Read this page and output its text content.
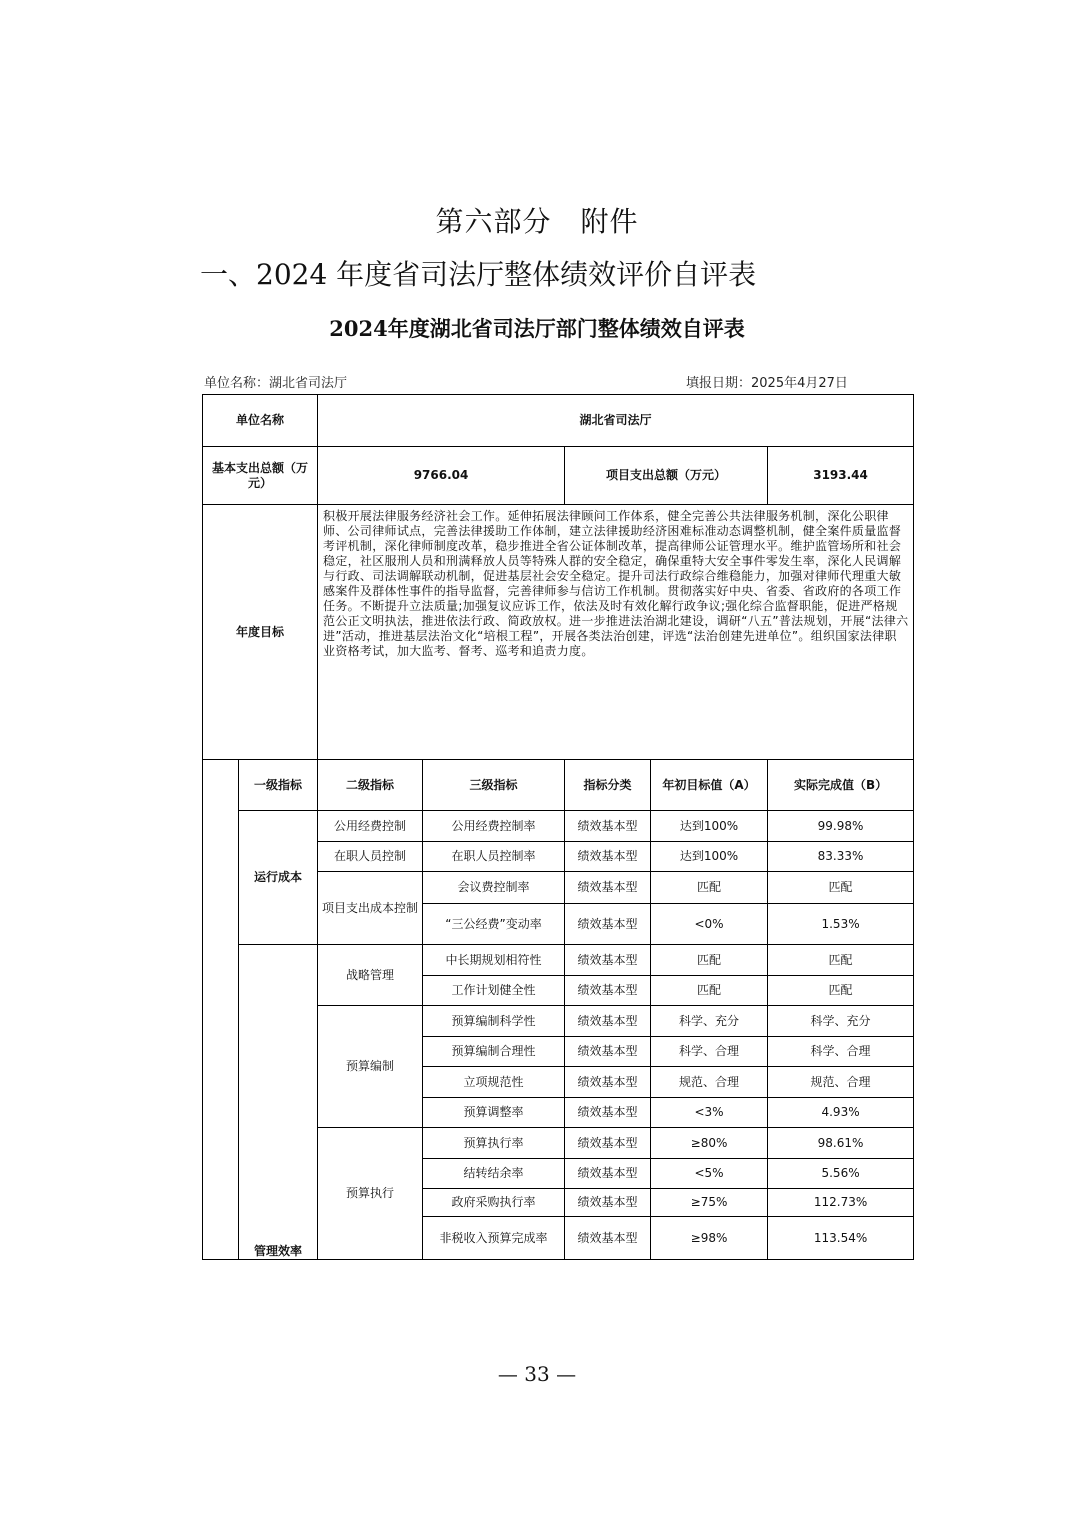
第六部分　附件
一、2024 年度省司法厅整体绩效评价自评表
2024年度湖北省司法厅部门整体绩效自评表
单位名称：湖北省司法厅	填报日期：2025年4月27日
单位名称		湖北省司法厅				
基本支出总额（万元）		9766.04		项目支出总额（万元）		3193.44
年度目标		积极开展法律服务经济社会工作。延伸拓展法律顾问工作体系，健全完善公共法律服务机制，深化公职律师、公司律师试点，完善法律援助工作体制，建立法律援助经济困难标准动态调整机制，健全案件质量监督考评机制，深化律师制度改革，稳步推进全省公证体制改革，提高律师公证管理水平。维护监管场所和社会稳定，社区服刑人员和刑满释放人员等特殊人群的安全稳定，确保重特大安全事件零发生率，深化人民调解与行政、司法调解联动机制，促进基层社会安全稳定。提升司法行政综合维稳能力，加强对律师代理重大敏感案件及群体性事件的指导监督，完善律师参与信访工作机制。贯彻落实好中央、省委、省政府的各项工作任务。不断提升立法质量;加强复议应诉工作，依法及时有效化解行政争议;强化综合监督职能，促进严格规范公正文明执法，推进依法行政、简政放权。进一步推进法治湖北建设，调研“八五”普法规划，开展“法律六进”活动，推进基层法治文化“培根工程”，开展各类法治创建，评选“法治创建先进单位”。组织国家法律职业资格考试，加大监考、督考、巡考和追责力度。				
	一级指标	二级指标	三级指标	指标分类	年初目标值（A）	实际完成值（B）
	运行成本	公用经费控制	公用经费控制率	绩效基本型	达到100%	99.98%
		在职人员控制	在职人员控制率	绩效基本型	达到100%	83.33%
		项目支出成本控制	会议费控制率	绩效基本型	匹配	匹配
			“三公经费”变动率	绩效基本型	<0%	1.53%
	管理效率	战略管理	中长期规划相符性	绩效基本型	匹配	匹配
			工作计划健全性	绩效基本型	匹配	匹配
		预算编制	预算编制科学性	绩效基本型	科学、充分	科学、充分
			预算编制合理性	绩效基本型	科学、合理	科学、合理
			立项规范性	绩效基本型	规范、合理	规范、合理
			预算调整率	绩效基本型	<3%	4.93%
		预算执行	预算执行率	绩效基本型	≥80%	98.61%
			结转结余率	绩效基本型	<5%	5.56%
			政府采购执行率	绩效基本型	≥75%	112.73%
			非税收入预算完成率	绩效基本型	≥98%	113.54%
— 33 —
